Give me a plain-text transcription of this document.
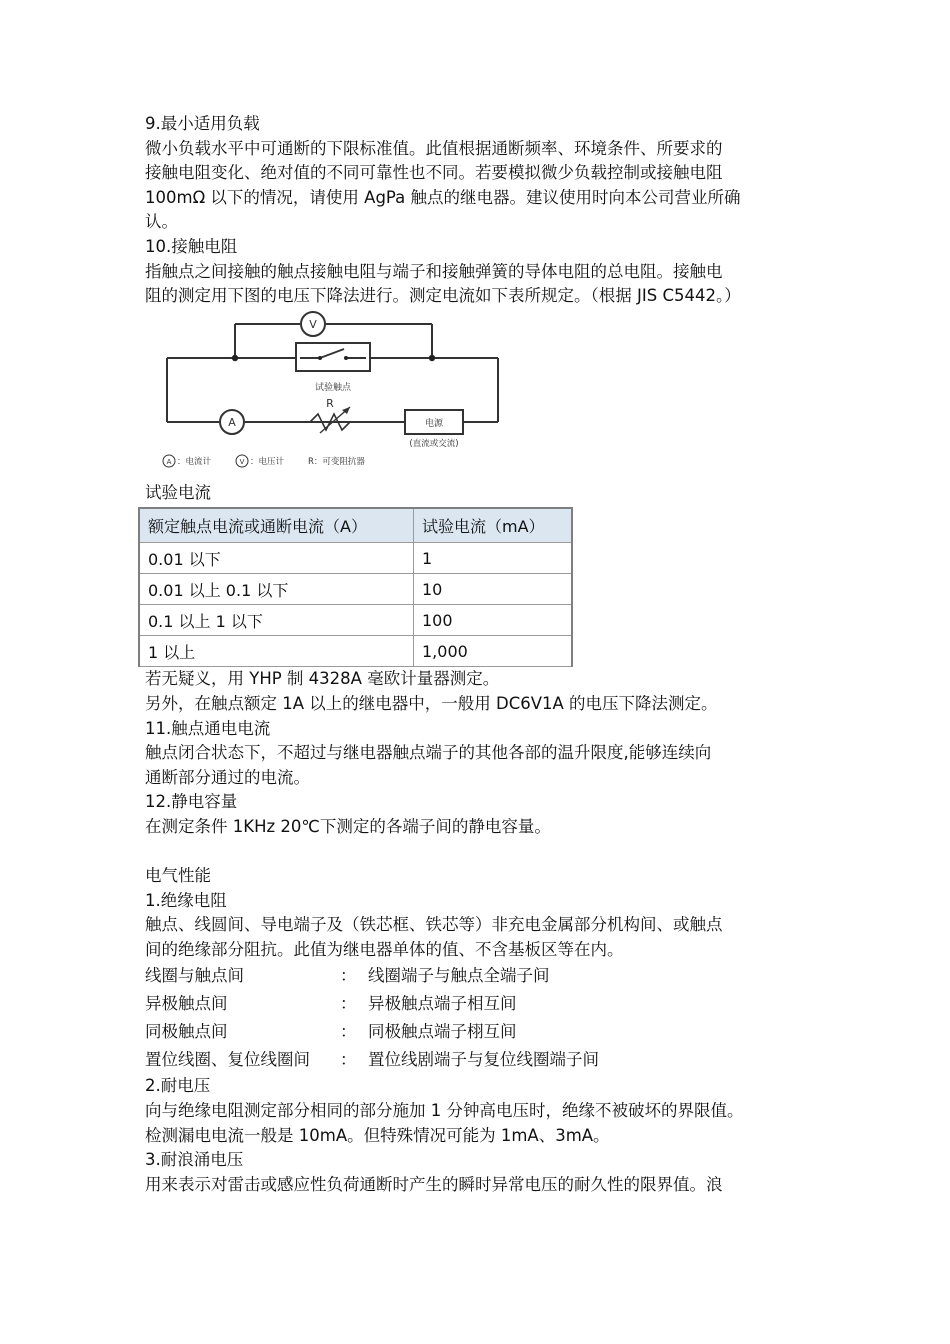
9.最小适用负载
微小负载水平中可通断的下限标准值。此值根据通断频率、环境条件、所要求的
接触电阻变化、绝对值的不同可靠性也不同。若要模拟微少负载控制或接触电阻
100mΩ 以下的情况，请使用 AgPa 触点的继电器。建议使用时向本公司营业所确
认。
10.接触电阻
指触点之间接触的触点接触电阻与端子和接触弹簧的导体电阻的总电阻。接触电
阻的测定用下图的电压下降法进行。测定电流如下表所规定。（根据 JIS C5442。）
V
A
R
试验触点
电源
(直流或交流)
A ：电流计	V ：电压计	R：可变阻抗器
试验电流
额定触点电流或通断电流（A）	试验电流（mA）
0.01 以下	1
0.01 以上 0.1 以下	10
0.1 以上 1 以下	100
1 以上	1,000
若无疑义，用 YHP 制 4328A 毫欧计量器测定。
另外，在触点额定 1A 以上的继电器中，一般用 DC6V1A 的电压下降法测定。
11.触点通电电流
触点闭合状态下，不超过与继电器触点端子的其他各部的温升限度,能够连续向
通断部分通过的电流。
12.静电容量
在测定条件 1KHz 20℃下测定的各端子间的静电容量。
电气性能
1.绝缘电阻
触点、线圆间、导电端子及（铁芯框、铁芯等）非充电金属部分机构间、或触点
间的绝缘部分阻抗。此值为继电器单体的值、不含基板区等在内。
线圈与触点间	： 线圈端子与触点全端子间
异极触点间	： 异极触点端子相互间
同极触点间	： 同极触点端子栩互间
置位线圈、复位线圈间	： 置位线剧端子与复位线圈端子间
2.耐电压
向与绝缘电阻测定部分相同的部分施加 1 分钟高电压时，绝缘不被破坏的界限值。
检测漏电电流一般是 10mA。但特殊情况可能为 1mA、3mA。
3.耐浪涌电压
用来表示对雷击或感应性负荷通断时产生的瞬时异常电压的耐久性的限界值。浪
